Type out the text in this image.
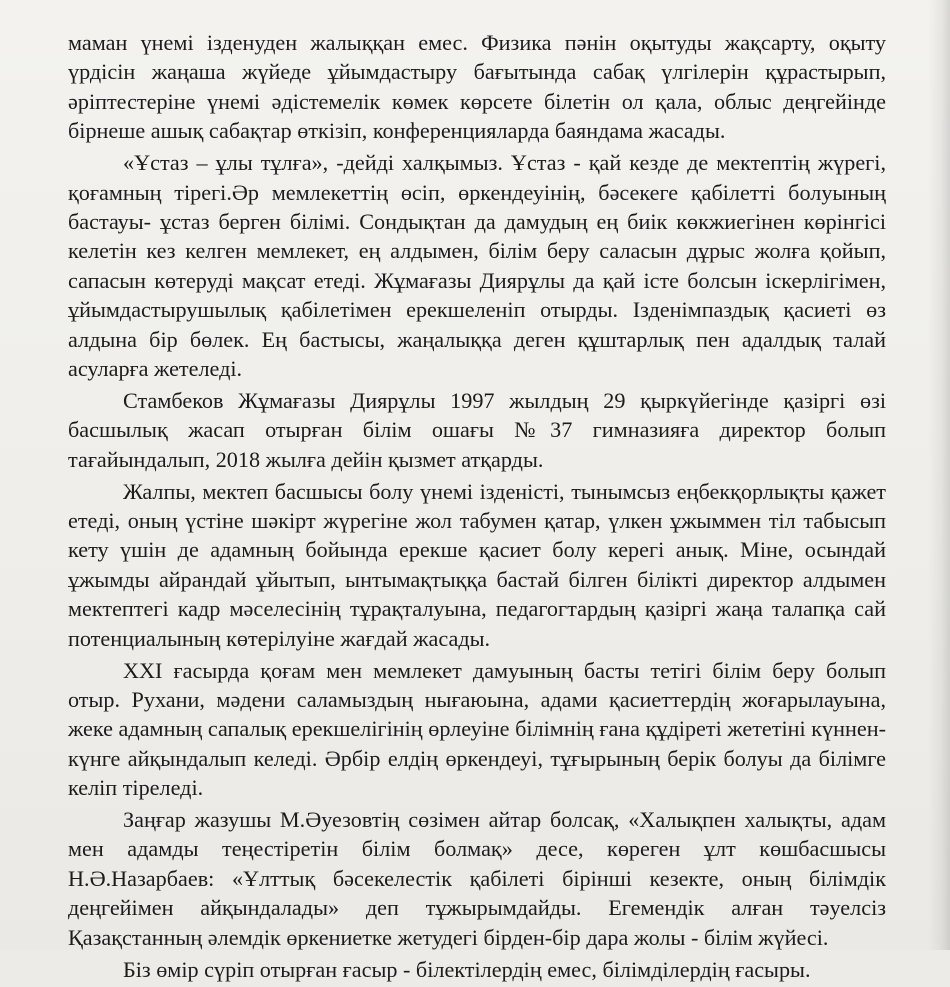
маман үнемі ізденуден жалыққан емес. Физика пәнін оқытуды жақсарту, оқыту үрдісін жаңаша жүйеде ұйымдастыру бағытында сабақ үлгілерін құрастырып, әріптестеріне үнемі әдістемелік көмек көрсете білетін ол қала, облыс деңгейінде бірнеше ашық сабақтар өткізіп, конференцияларда баяндама жасады.

«Ұстаз – ұлы тұлға», -дейді халқымыз. Ұстаз - қай кезде де мектептің жүрегі, қоғамның тірегі.Әр мемлекеттің өсіп, өркендеуінің, бәсекеге қабілетті болуының бастауы- ұстаз берген білімі. Сондықтан да дамудың ең биік көкжиегінен көрінгісі келетін кез келген мемлекет, ең алдымен, білім беру саласын дұрыс жолға қойып, сапасын көтеруді мақсат етеді. Жұмағазы Диярұлы да қай істе болсын іскерлігімен, ұйымдастырушылық қабілетімен ерекшеленіп отырды. Ізденімпаздық қасиеті өз алдына бір бөлек. Ең бастысы, жаңалыққа деген құштарлық пен адалдық талай асуларға жетеледі.

Стамбеков Жұмағазы Диярұлы 1997 жылдың 29 қыркүйегінде қазіргі өзі басшылық жасап отырған білім ошағы №37 гимназияға директор болып тағайындалып, 2018 жылға дейін қызмет атқарды.

Жалпы, мектеп басшысы болу үнемі ізденісті, тынымсыз еңбекқорлықты қажет етеді, оның үстіне шәкірт жүрегіне жол табумен қатар, үлкен ұжыммен тіл табысып кету үшін де адамның бойында ерекше қасиет болу керегі анық. Міне, осындай ұжымды айрандай ұйытып, ынтымақтыққа бастай білген білікті директор алдымен мектептегі кадр мәселесінің тұрақталуына, педагогтардың қазіргі жаңа талапқа сай потенциалының көтерілуіне жағдай жасады.

XXI ғасырда қоғам мен мемлекет дамуының басты тетігі білім беру болып отыр. Рухани, мәдени саламыздың нығаюына, адами қасиеттердің жоғарылауына, жеке адамның сапалық ерекшелігінің өрлеуіне білімнің ғана құдіреті жететіні күннен-күнге айқындалып келеді. Әрбір елдің өркендеуі, тұғырының берік болуы да білімге келіп тіреледі.

Заңғар жазушы М.Әуезовтің сөзімен айтар болсақ, «Халықпен халықты, адам мен адамды теңестіретін білім болмақ» десе, көреген ұлт көшбасшысы Н.Ә.Назарбаев: «Ұлттық бәсекелестік қабілеті бірінші кезекте, оның білімдік деңгейімен айқындалады» деп тұжырымдайды. Егемендік алған тәуелсіз Қазақстанның әлемдік өркениетке жетудегі бірден-бір дара жолы - білім жүйесі.

Біз өмір сүріп отырған ғасыр - білектілердің емес, білімділердің ғасыры.
